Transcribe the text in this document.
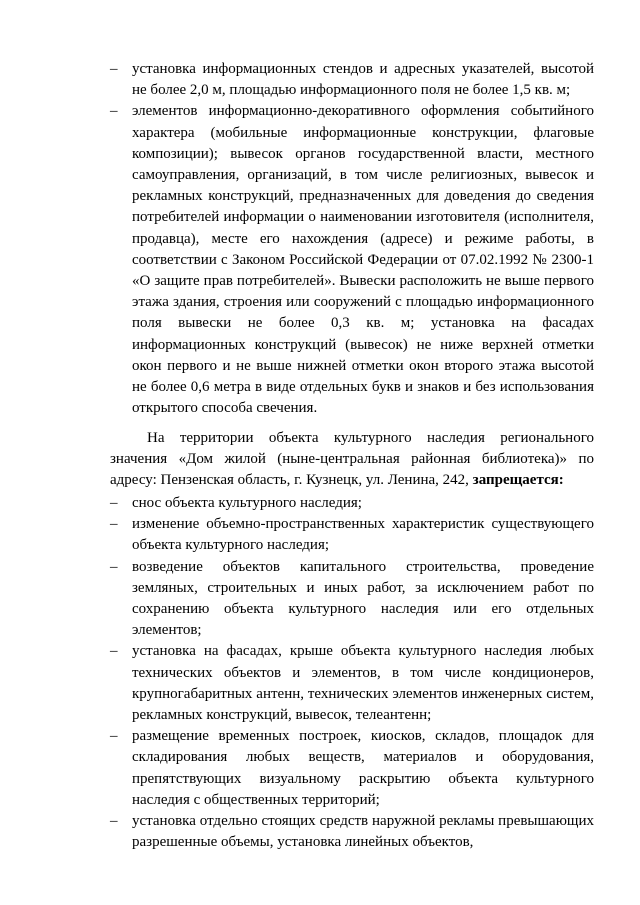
– установка информационных стендов и адресных указателей, высотой не более 2,0 м, площадью информационного поля не более 1,5 кв. м;
– элементов информационно-декоративного оформления событийного характера (мобильные информационные конструкции, флаговые композиции); вывесок органов государственной власти, местного самоуправления, организаций, в том числе религиозных, вывесок и рекламных конструкций, предназначенных для доведения до сведения потребителей информации о наименовании изготовителя (исполнителя, продавца), месте его нахождения (адресе) и режиме работы, в соответствии с Законом Российской Федерации от 07.02.1992 № 2300-1 «О защите прав потребителей». Вывески расположить не выше первого этажа здания, строения или сооружений с площадью информационного поля вывески не более 0,3 кв. м; установка на фасадах информационных конструкций (вывесок) не ниже верхней отметки окон первого и не выше нижней отметки окон второго этажа высотой не более 0,6 метра в виде отдельных букв и знаков и без использования открытого способа свечения.

На территории объекта культурного наследия регионального значения «Дом жилой (ныне-центральная районная библиотека)» по адресу: Пензенская область, г. Кузнецк, ул. Ленина, 242, запрещается:

– снос объекта культурного наследия;
– изменение объемно-пространственных характеристик существующего объекта культурного наследия;
– возведение объектов капитального строительства, проведение земляных, строительных и иных работ, за исключением работ по сохранению объекта культурного наследия или его отдельных элементов;
– установка на фасадах, крыше объекта культурного наследия любых технических объектов и элементов, в том числе кондиционеров, крупногабаритных антенн, технических элементов инженерных систем, рекламных конструкций, вывесок, телеантенн;
– размещение временных построек, киосков, складов, площадок для складирования любых веществ, материалов и оборудования, препятствующих визуальному раскрытию объекта культурного наследия с общественных территорий;
– установка отдельно стоящих средств наружной рекламы превышающих разрешенные объемы, установка линейных объектов,
